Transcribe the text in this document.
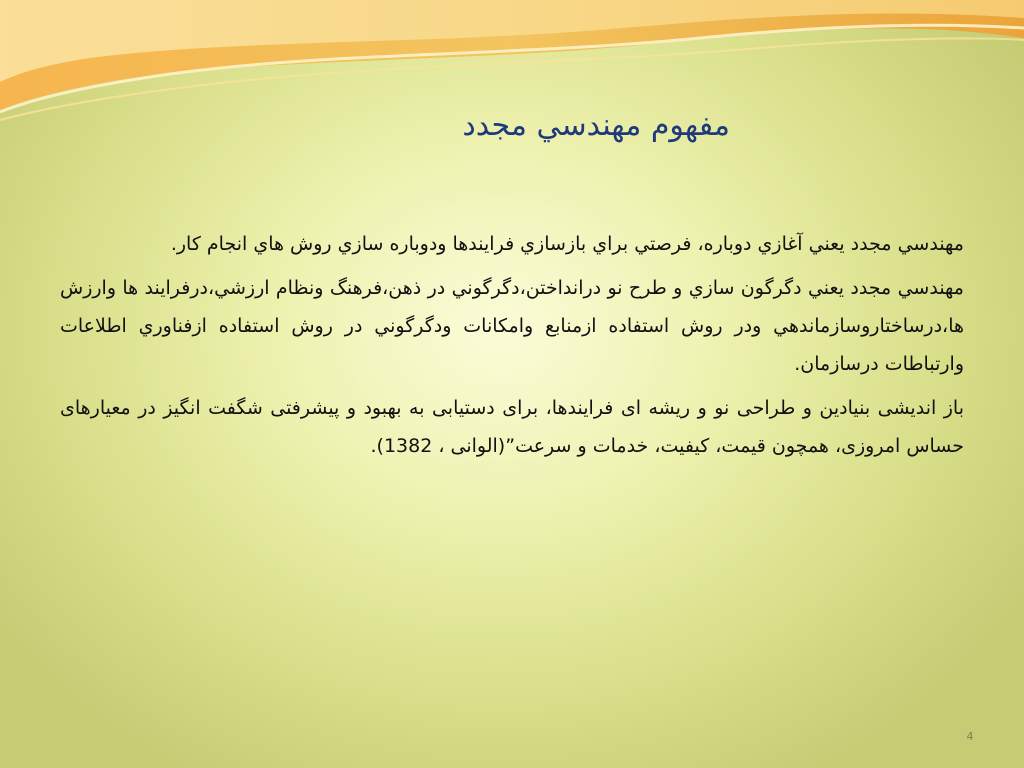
مفهوم مهندسي مجدد

مهندسي مجدد يعني آغازي دوباره، فرصتي براي بازسازي فرايندها ودوباره سازي روش هاي انجام كار.

مهندسي مجدد يعني دگرگون سازي و طرح نو درانداختن،دگرگوني در ذهن،فرهنگ ونظام ارزشي،درفرايند ها وارزش ها،درساختاروسازماندهي ودر روش استفاده ازمنابع وامكانات ودگرگوني در روش استفاده ازفناوري اطلاعات وارتباطات درسازمان.

باز اندیشی بنیادین و طراحی نو و ریشه ای فرایندها، برای دستیابی به بهبود و پیشرفتی شگفت انگیز در معیارهای حساس امروزی، همچون قیمت، کیفیت، خدمات و سرعت”(الوانی ، 1382).

4
